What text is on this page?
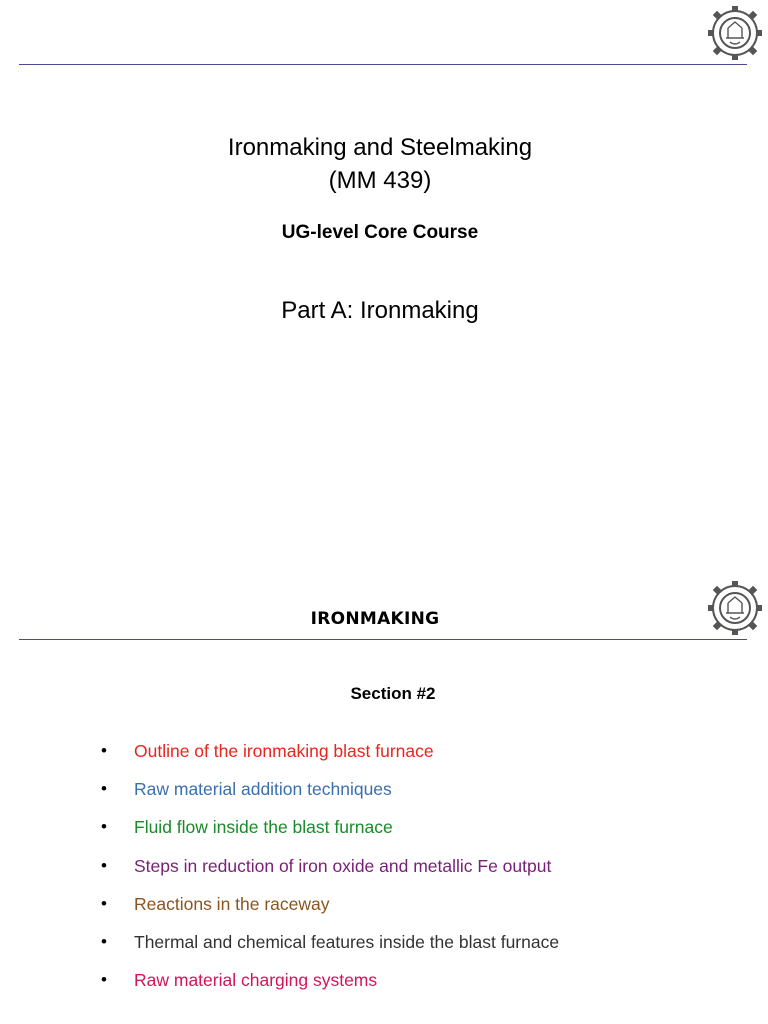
Ironmaking and Steelmaking
(MM 439)
UG-level Core Course
Part A: Ironmaking
IRONMAKING
Section #2
• Outline of the ironmaking blast furnace
• Raw material addition techniques
• Fluid flow inside the blast furnace
• Steps in reduction of iron oxide and metallic Fe output
• Reactions in the raceway
• Thermal and chemical features inside the blast furnace
• Raw material charging systems
